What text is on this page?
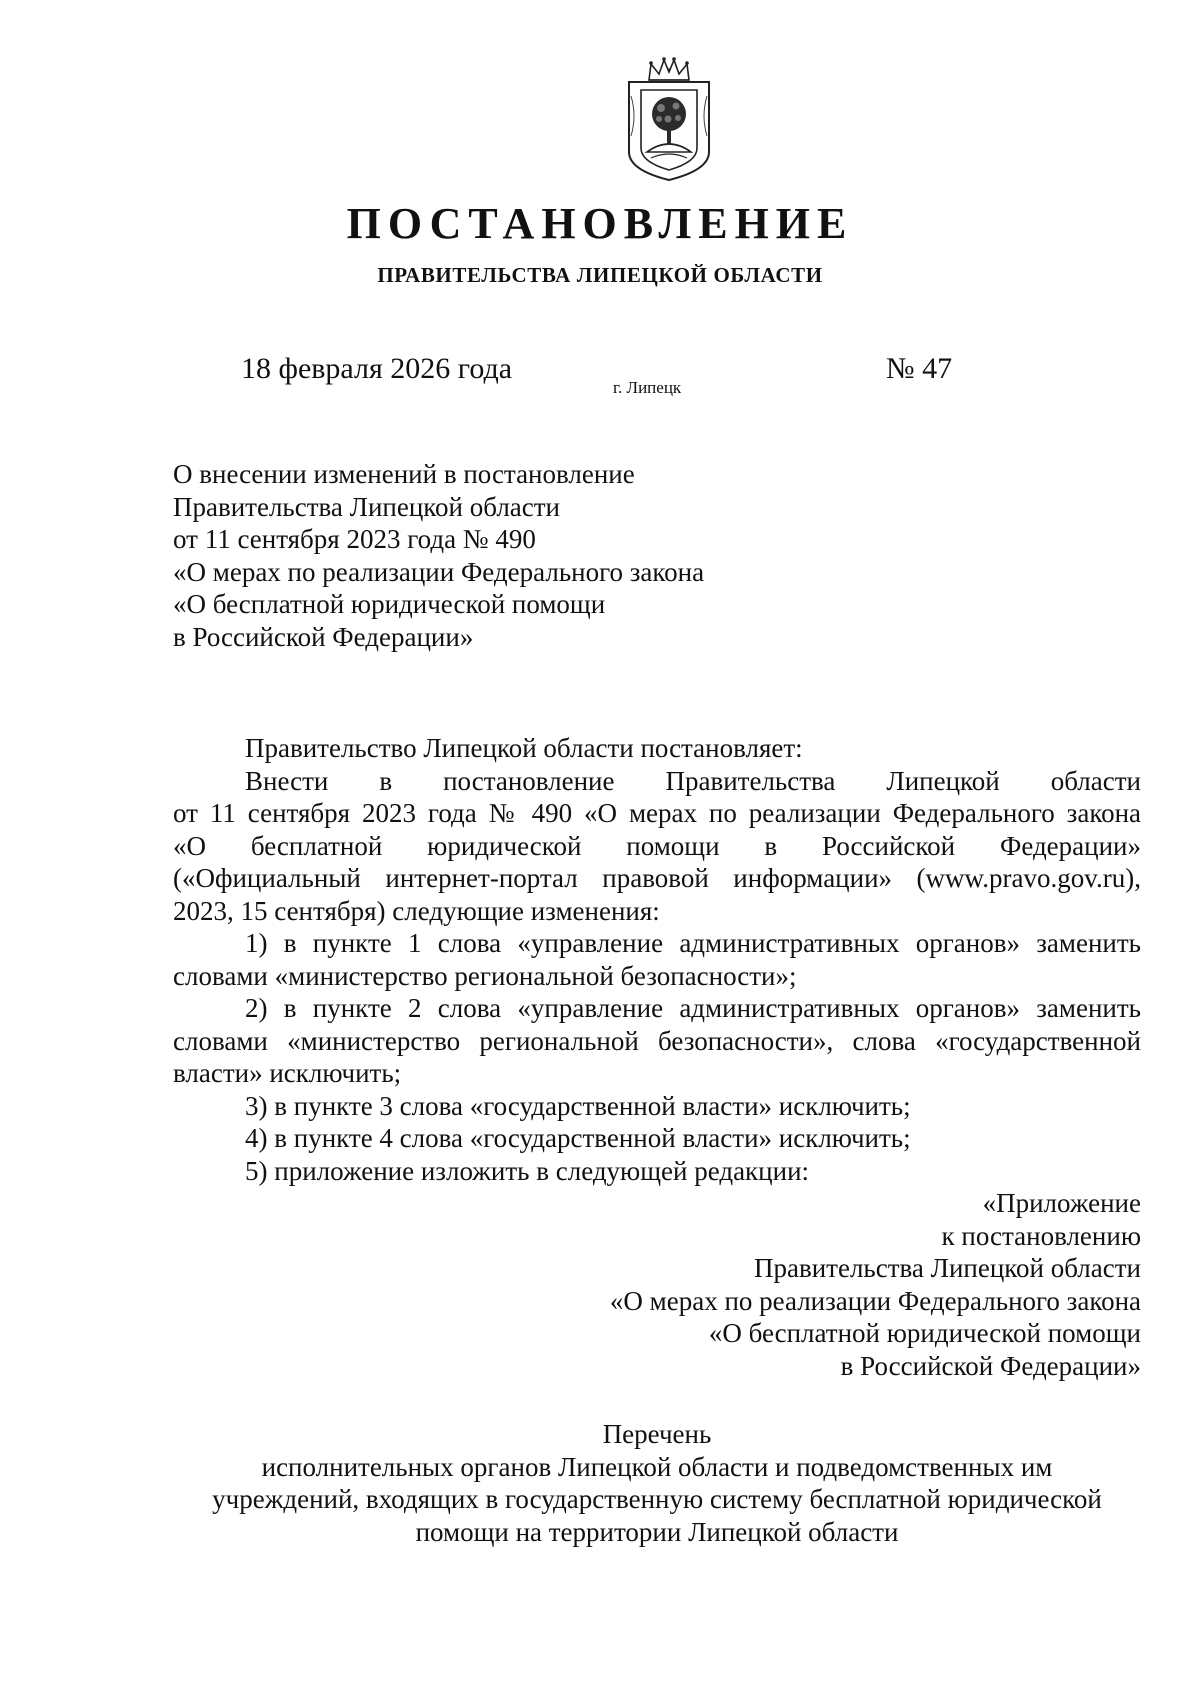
ПОСТАНОВЛЕНИЕ
ПРАВИТЕЛЬСТВА ЛИПЕЦКОЙ ОБЛАСТИ
18 февраля 2026 года
г. Липецк
№ 47
О внесении изменений в постановление
Правительства Липецкой области
от 11 сентября 2023 года № 490
«О мерах по реализации Федерального закона
«О бесплатной юридической помощи
в Российской Федерации»

Правительство Липецкой области постановляет:

Внести в постановление Правительства Липецкой области

от 11 сентября 2023 года № 490 «О мерах по реализации Федерального закона

«О бесплатной юридической помощи в Российской Федерации»

(«Официальный интернет-портал правовой информации» (www.pravo.gov.ru),

2023, 15 сентября) следующие изменения:

1) в пункте 1 слова «управление административных органов» заменить

словами «министерство региональной безопасности»;

2) в пункте 2 слова «управление административных органов» заменить

словами «министерство региональной безопасности», слова «государственной

власти» исключить;

3) в пункте 3 слова «государственной власти» исключить;

4) в пункте 4 слова «государственной власти» исключить;

5) приложение изложить в следующей редакции:

«Приложение
к постановлению
Правительства Липецкой области
«О мерах по реализации Федерального закона
«О бесплатной юридической помощи
в Российской Федерации»
Перечень
исполнительных органов Липецкой области и подведомственных им
учреждений, входящих в государственную систему бесплатной юридической
помощи на территории Липецкой области
